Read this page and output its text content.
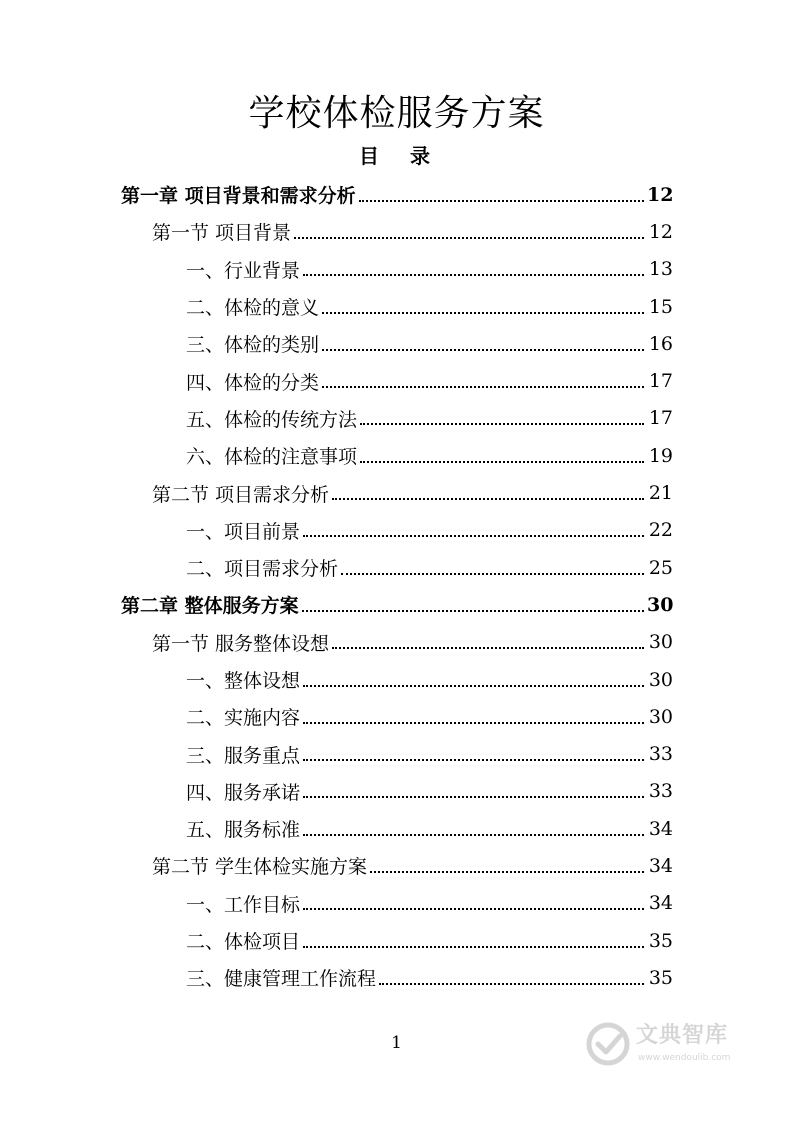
学校体检服务方案
目 录
第一章 项目背景和需求分析	12
第一节 项目背景	12
一、行业背景	13
二、体检的意义	15
三、体检的类别	16
四、体检的分类	17
五、体检的传统方法	17
六、体检的注意事项	19
第二节 项目需求分析	21
一、项目前景	22
二、项目需求分析	25
第二章 整体服务方案	30
第一节 服务整体设想	30
一、整体设想	30
二、实施内容	30
三、服务重点	33
四、服务承诺	33
五、服务标准	34
第二节 学生体检实施方案	34
一、工作目标	34
二、体检项目	35
三、健康管理工作流程	35
1	文典智库
www.wendoulib.com
